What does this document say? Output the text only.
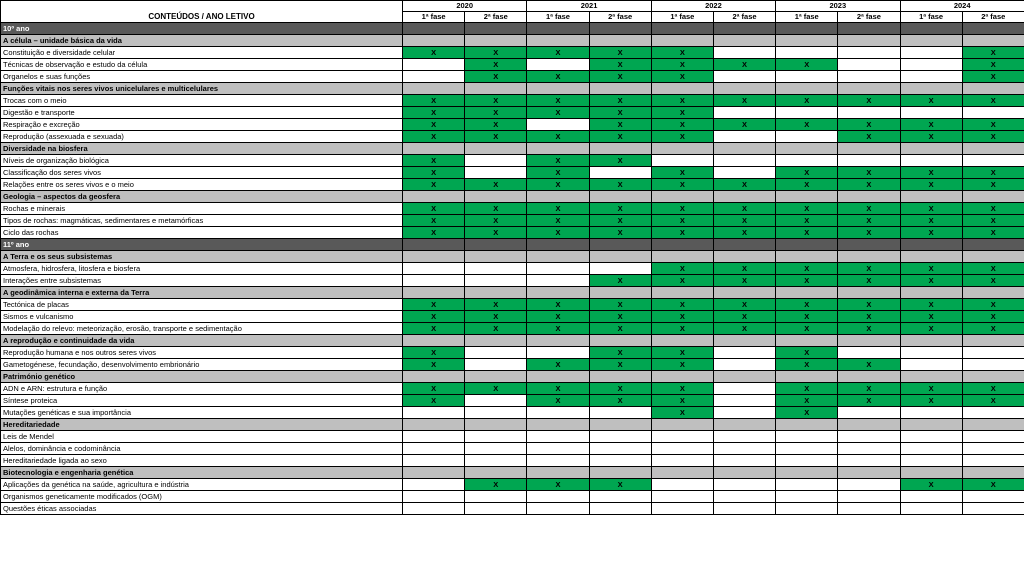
CONTEÚDOS / ANO LETIVO	2020		2021		2022		2023		2024	
	1ª fase	2ª fase	1ª fase	2ª fase	1ª fase	2ª fase	1ª fase	2ª fase	1ª fase	2ª fase
10º ano										
A célula – unidade básica da vida										
Constituição e diversidade celular	X	X	X	X	X					X
Técnicas de observação e estudo da célula		X		X	X	X	X			X
Organelos e suas funções		X	X	X	X					X
Funções vitais nos seres vivos unicelulares e multicelulares										
Trocas com o meio	X	X	X	X	X	X	X	X	X	X
Digestão e transporte	X	X	X	X	X					
Respiração e excreção	X	X		X	X	X	X	X	X	X
Reprodução (assexuada e sexuada)	X	X	X	X	X			X	X	X
Diversidade na biosfera										
Níveis de organização biológica	X		X	X						
Classificação dos seres vivos	X		X		X		X	X	X	X
Relações entre os seres vivos e o meio	X	X	X	X	X	X	X	X	X	X
Geologia – aspectos da geosfera										
Rochas e minerais	X	X	X	X	X	X	X	X	X	X
Tipos de rochas: magmáticas, sedimentares e metamórficas	X	X	X	X	X	X	X	X	X	X
Ciclo das rochas	X	X	X	X	X	X	X	X	X	X
11º ano										
A Terra e os seus subsistemas										
Atmosfera, hidrosfera, litosfera e biosfera					X	X	X	X	X	X
Interações entre subsistemas				X	X	X	X	X	X	X
A geodinâmica interna e externa da Terra										
Tectónica de placas	X	X	X	X	X	X	X	X	X	X
Sismos e vulcanismo	X	X	X	X	X	X	X	X	X	X
Modelação do relevo: meteorização, erosão, transporte e sedimentação	X	X	X	X	X	X	X	X	X	X
A reprodução e continuidade da vida										
Reprodução humana e nos outros seres vivos	X			X	X		X			
Gametogénese, fecundação, desenvolvimento embrionário	X		X	X	X		X	X		
Património genético										
ADN e ARN: estrutura e função	X	X	X	X	X		X	X	X	X
Síntese proteica	X		X	X	X		X	X	X	X
Mutações genéticas e sua importância					X		X			
Hereditariedade										
Leis de Mendel										
Alelos, dominância e codominância										
Hereditariedade ligada ao sexo										
Biotecnologia e engenharia genética										
Aplicações da genética na saúde, agricultura e indústria		X	X	X					X	X
Organismos geneticamente modificados (OGM)										
Questões éticas associadas										
